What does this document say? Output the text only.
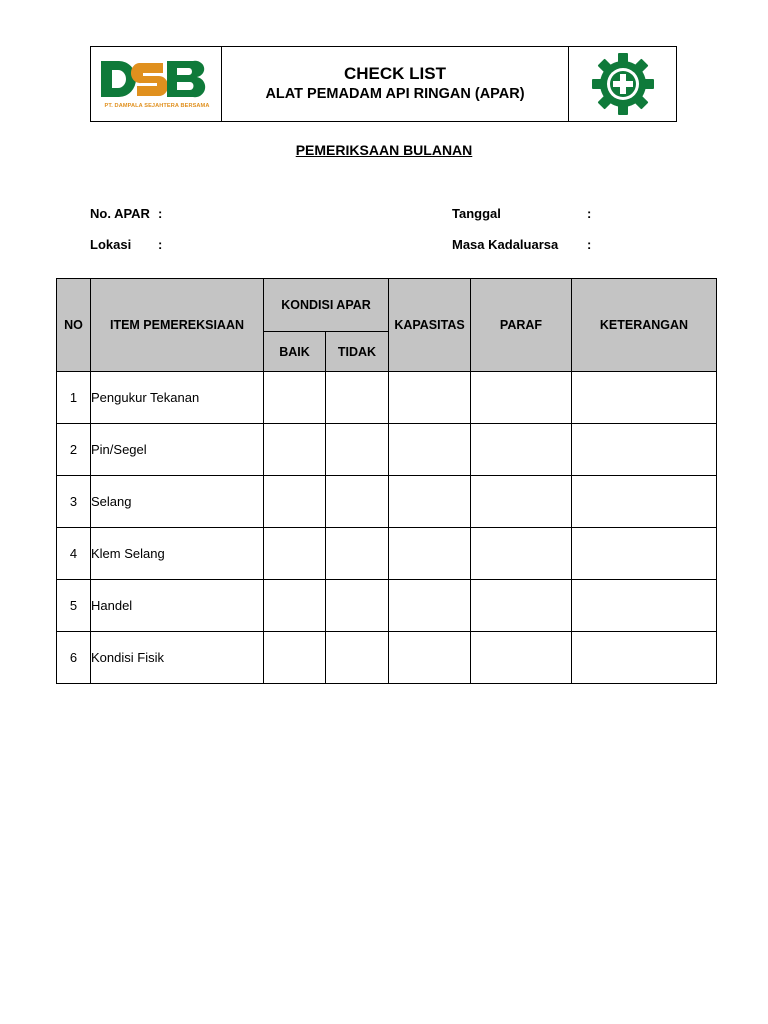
PT. DAMPALA SEJAHTERA BERSAMA
CHECK LIST
ALAT PEMADAM API RINGAN (APAR)
PEMERIKSAAN BULANAN
No. APAR :
Lokasi :
Tanggal	:
Masa Kadaluarsa :
NO	ITEM PEMEREKSIAAN	KONDISI APAR		KAPASITAS	PARAF	KETERANGAN
		BAIK	TIDAK			
1	Pengukur Tekanan					
2	Pin/Segel					
3	Selang					
4	Klem Selang					
5	Handel					
6	Kondisi Fisik					
